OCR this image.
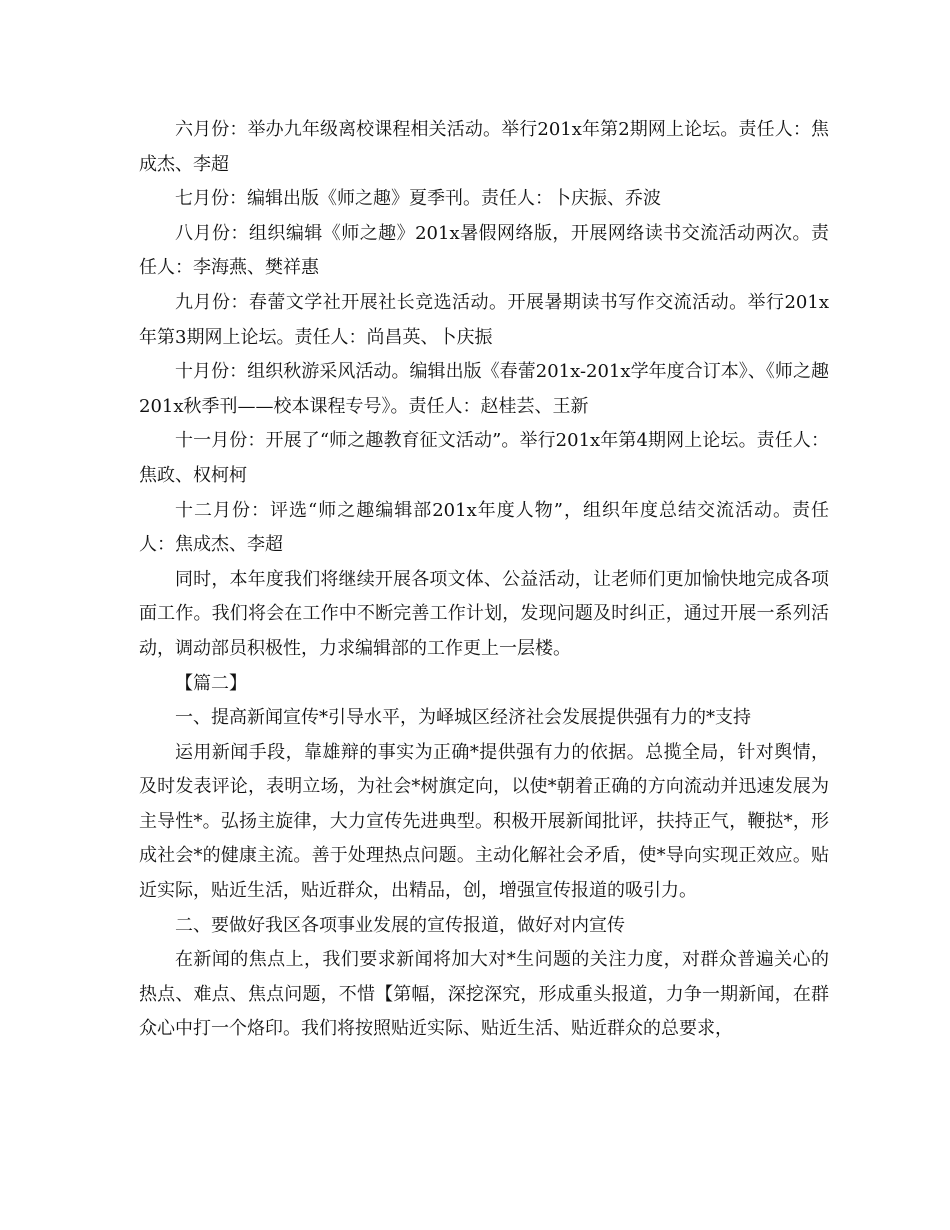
六月份：举办九年级离校课程相关活动。举行201x年第2期网上论坛。责任人：焦成杰、李超

七月份：编辑出版《师之趣》夏季刊。责任人：卜庆振、乔波

八月份：组织编辑《师之趣》201x暑假网络版，开展网络读书交流活动两次。责任人：李海燕、樊祥惠

九月份：春蕾文学社开展社长竞选活动。开展暑期读书写作交流活动。举行201x年第3期网上论坛。责任人：尚昌英、卜庆振

十月份：组织秋游采风活动。编辑出版《春蕾201x-201x学年度合订本》、《师之趣201x秋季刊——校本课程专号》。责任人：赵桂芸、王新

十一月份：开展了“师之趣教育征文活动”。举行201x年第4期网上论坛。责任人：焦政、权柯柯

十二月份：评选“师之趣编辑部201x年度人物”，组织年度总结交流活动。责任人：焦成杰、李超

同时，本年度我们将继续开展各项文体、公益活动，让老师们更加愉快地完成各项面工作。我们将会在工作中不断完善工作计划，发现问题及时纠正，通过开展一系列活动，调动部员积极性，力求编辑部的工作更上一层楼。

【篇二】

一、提高新闻宣传*引导水平，为峄城区经济社会发展提供强有力的*支持

运用新闻手段，靠雄辩的事实为正确*提供强有力的依据。总揽全局，针对舆情，及时发表评论，表明立场，为社会*树旗定向，以使*朝着正确的方向流动并迅速发展为主导性*。弘扬主旋律，大力宣传先进典型。积极开展新闻批评，扶持正气，鞭挞*，形成社会*的健康主流。善于处理热点问题。主动化解社会矛盾，使*导向实现正效应。贴近实际，贴近生活，贴近群众，出精品，创，增强宣传报道的吸引力。

二、要做好我区各项事业发展的宣传报道，做好对内宣传

在新闻的焦点上，我们要求新闻将加大对*生问题的关注力度，对群众普遍关心的热点、难点、焦点问题，不惜【第幅，深挖深究，形成重头报道，力争一期新闻，在群众心中打一个烙印。我们将按照贴近实际、贴近生活、贴近群众的总要求，
